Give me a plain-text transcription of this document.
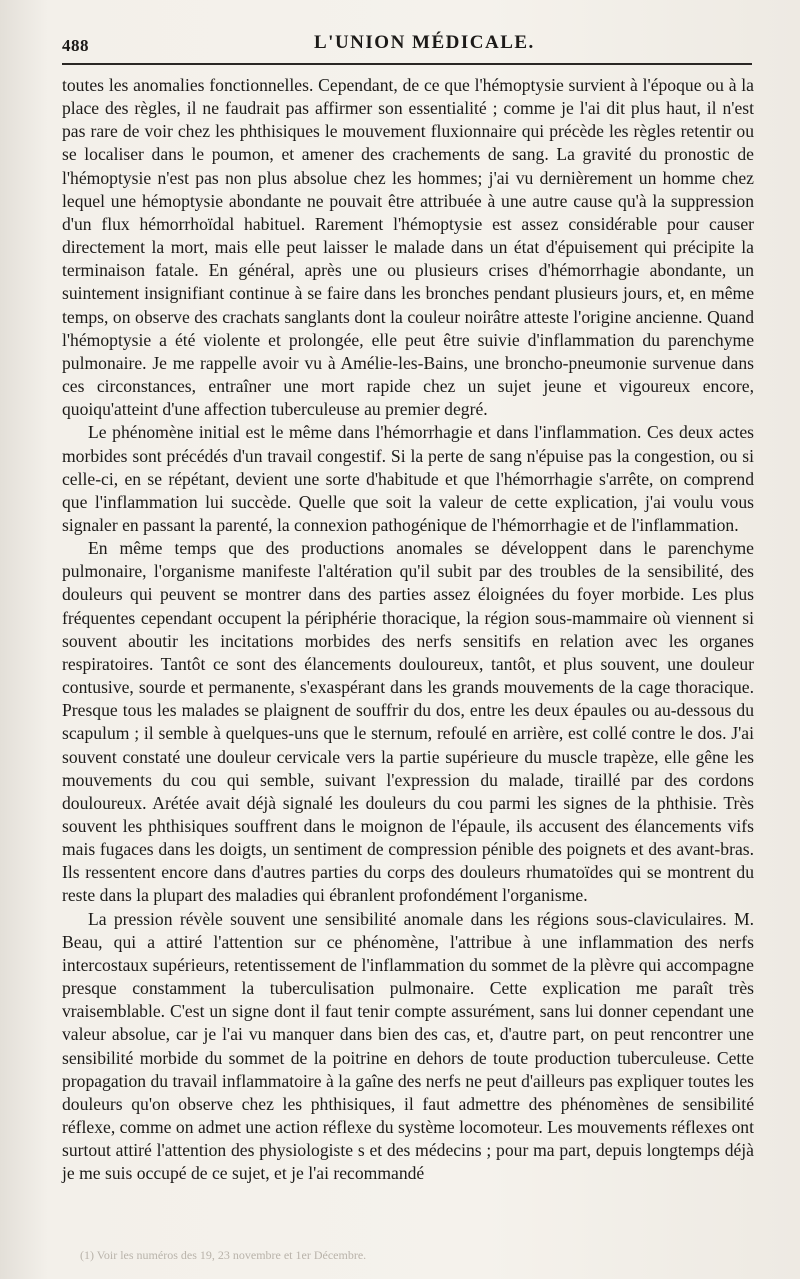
488	L'UNION MÉDICALE.

toutes les anomalies fonctionnelles. Cependant, de ce que l'hémoptysie survient à l'époque ou à la place des règles, il ne faudrait pas affirmer son essentialité ; comme je l'ai dit plus haut, il n'est pas rare de voir chez les phthisiques le mouvement fluxionnaire qui précède les règles retentir ou se localiser dans le poumon, et amener des crachements de sang. La gravité du pronostic de l'hémoptysie n'est pas non plus absolue chez les hommes; j'ai vu dernièrement un homme chez lequel une hémoptysie abondante ne pouvait être attribuée à une autre cause qu'à la suppression d'un flux hémorrhoïdal habituel. Rarement l'hémoptysie est assez considérable pour causer directement la mort, mais elle peut laisser le malade dans un état d'épuisement qui précipite la terminaison fatale. En général, après une ou plusieurs crises d'hémorrhagie abondante, un suintement insignifiant continue à se faire dans les bronches pendant plusieurs jours, et, en même temps, on observe des crachats sanglants dont la couleur noirâtre atteste l'origine ancienne. Quand l'hémoptysie a été violente et prolongée, elle peut être suivie d'inflammation du parenchyme pulmonaire. Je me rappelle avoir vu à Amélie-les-Bains, une broncho-pneumonie survenue dans ces circonstances, entraîner une mort rapide chez un sujet jeune et vigoureux encore, quoiqu'atteint d'une affection tuberculeuse au premier degré.

Le phénomène initial est le même dans l'hémorrhagie et dans l'inflammation. Ces deux actes morbides sont précédés d'un travail congestif. Si la perte de sang n'épuise pas la congestion, ou si celle-ci, en se répétant, devient une sorte d'habitude et que l'hémorrhagie s'arrête, on comprend que l'inflammation lui succède. Quelle que soit la valeur de cette explication, j'ai voulu vous signaler en passant la parenté, la connexion pathogénique de l'hémorrhagie et de l'inflammation.

En même temps que des productions anomales se développent dans le parenchyme pulmonaire, l'organisme manifeste l'altération qu'il subit par des troubles de la sensibilité, des douleurs qui peuvent se montrer dans des parties assez éloignées du foyer morbide. Les plus fréquentes cependant occupent la périphérie thoracique, la région sous-mammaire où viennent si souvent aboutir les incitations morbides des nerfs sensitifs en relation avec les organes respiratoires. Tantôt ce sont des élancements douloureux, tantôt, et plus souvent, une douleur contusive, sourde et permanente, s'exaspérant dans les grands mouvements de la cage thoracique. Presque tous les malades se plaignent de souffrir du dos, entre les deux épaules ou au-dessous du scapulum ; il semble à quelques-uns que le sternum, refoulé en arrière, est collé contre le dos. J'ai souvent constaté une douleur cervicale vers la partie supérieure du muscle trapèze, elle gêne les mouvements du cou qui semble, suivant l'expression du malade, tiraillé par des cordons douloureux. Arétée avait déjà signalé les douleurs du cou parmi les signes de la phthisie. Très souvent les phthisiques souffrent dans le moignon de l'épaule, ils accusent des élancements vifs mais fugaces dans les doigts, un sentiment de compression pénible des poignets et des avant-bras. Ils ressentent encore dans d'autres parties du corps des douleurs rhumatoïdes qui se montrent du reste dans la plupart des maladies qui ébranlent profondément l'organisme.

La pression révèle souvent une sensibilité anomale dans les régions sous-claviculaires. M. Beau, qui a attiré l'attention sur ce phénomène, l'attribue à une inflammation des nerfs intercostaux supérieurs, retentissement de l'inflammation du sommet de la plèvre qui accompagne presque constamment la tuberculisation pulmonaire. Cette explication me paraît très vraisemblable. C'est un signe dont il faut tenir compte assurément, sans lui donner cependant une valeur absolue, car je l'ai vu manquer dans bien des cas, et, d'autre part, on peut rencontrer une sensibilité morbide du sommet de la poitrine en dehors de toute production tuberculeuse. Cette propagation du travail inflammatoire à la gaîne des nerfs ne peut d'ailleurs pas expliquer toutes les douleurs qu'on observe chez les phthisiques, il faut admettre des phénomènes de sensibilité réflexe, comme on admet une action réflexe du système locomoteur. Les mouvements réflexes ont surtout attiré l'attention des physiologiste s et des médecins ; pour ma part, depuis longtemps déjà je me suis occupé de ce sujet, et je l'ai recommandé

(1) Voir les numéros des 19, 23 novembre et 1er Décembre.
